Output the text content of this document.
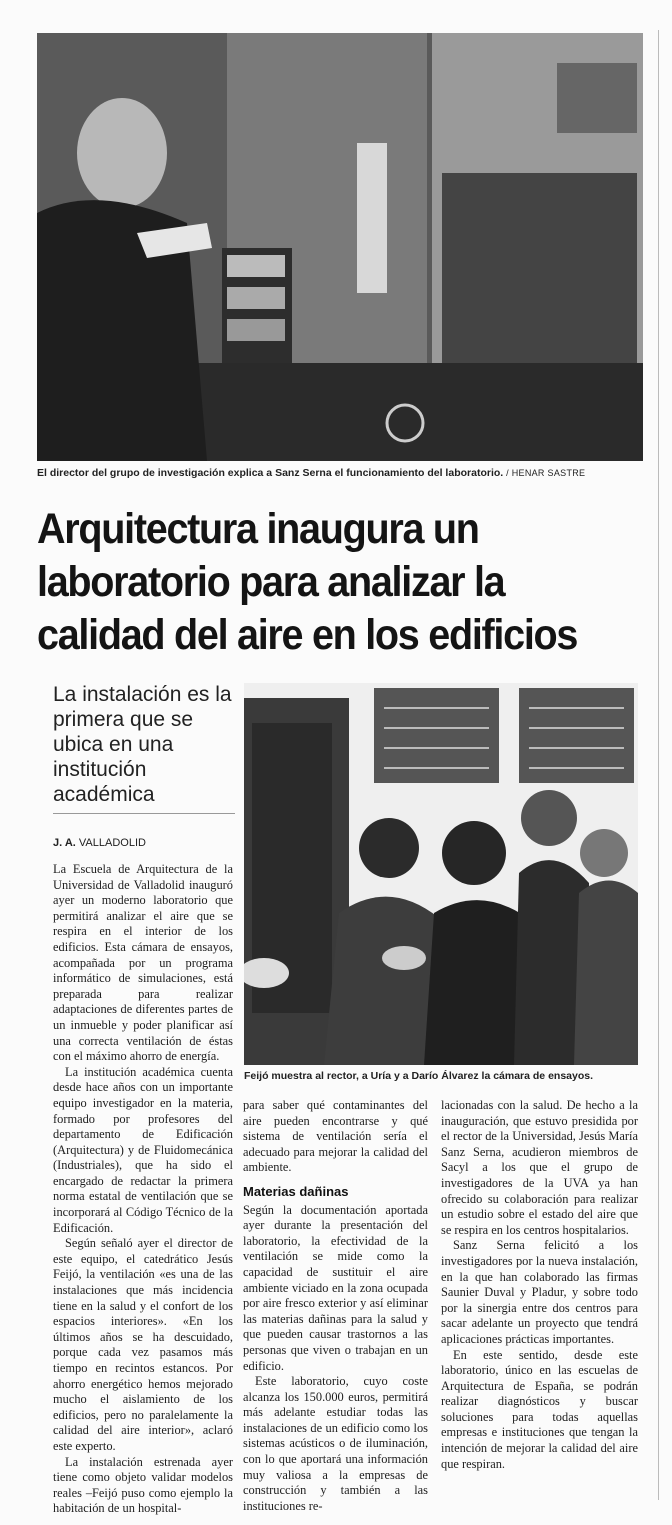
El director del grupo de investigación explica a Sanz Serna el funcionamiento del laboratorio. / HENAR SASTRE
Arquitectura inaugura un laboratorio para analizar la calidad del aire en los edificios
La instalación es la primera que se ubica en una institución académica
J. A. VALLADOLID
Feijó muestra al rector, a Uría y a Darío Álvarez la cámara de ensayos.

La Escuela de Arquitectura de la Universidad de Valladolid inauguró ayer un moderno laboratorio que permitirá analizar el aire que se respira en el interior de los edificios. Esta cámara de ensayos, acompañada por un programa informático de simulaciones, está preparada para realizar adaptaciones de diferentes partes de un inmueble y poder planificar así una correcta ventilación de éstas con el máximo ahorro de energía.

La institución académica cuenta desde hace años con un importante equipo investigador en la materia, formado por profesores del departamento de Edificación (Arquitectura) y de Fluidomecánica (Industriales), que ha sido el encargado de redactar la primera norma estatal de ventilación que se incorporará al Código Técnico de la Edificación.

Según señaló ayer el director de este equipo, el catedrático Jesús Feijó, la ventilación «es una de las instalaciones que más incidencia tiene en la salud y el confort de los espacios interiores». «En los últimos años se ha descuidado, porque cada vez pasamos más tiempo en recintos estancos. Por ahorro energético hemos mejorado mucho el aislamiento de los edificios, pero no paralelamente la calidad del aire interior», aclaró este experto.

La instalación estrenada ayer tiene como objeto validar modelos reales –Feijó puso como ejemplo la habitación de un hospital-

para saber qué contaminantes del aire pueden encontrarse y qué sistema de ventilación sería el adecuado para mejorar la calidad del ambiente.

Materias dañinas

Según la documentación aportada ayer durante la presentación del laboratorio, la efectividad de la ventilación se mide como la capacidad de sustituir el aire ambiente viciado en la zona ocupada por aire fresco exterior y así eliminar las materias dañinas para la salud y que pueden causar trastornos a las personas que viven o trabajan en un edificio.

Este laboratorio, cuyo coste alcanza los 150.000 euros, permitirá más adelante estudiar todas las instalaciones de un edificio como los sistemas acústicos o de iluminación, con lo que aportará una información muy valiosa a la empresas de construcción y también a las instituciones re-

lacionadas con la salud. De hecho a la inauguración, que estuvo presidida por el rector de la Universidad, Jesús María Sanz Serna, acudieron miembros de Sacyl a los que el grupo de investigadores de la UVA ya han ofrecido su colaboración para realizar un estudio sobre el estado del aire que se respira en los centros hospitalarios.

Sanz Serna felicitó a los investigadores por la nueva instalación, en la que han colaborado las firmas Saunier Duval y Pladur, y sobre todo por la sinergia entre dos centros para sacar adelante un proyecto que tendrá aplicaciones prácticas importantes.

En este sentido, desde este laboratorio, único en las escuelas de Arquitectura de España, se podrán realizar diagnósticos y buscar soluciones para todas aquellas empresas e instituciones que tengan la intención de mejorar la calidad del aire que respiran.
